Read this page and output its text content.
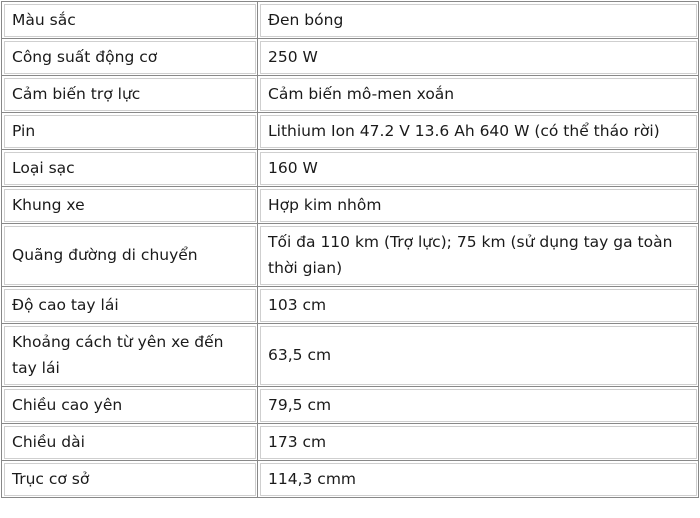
Màu sắc	Đen bóng
Công suất động cơ	250 W
Cảm biến trợ lực	Cảm biến mô-men xoắn
Pin	Lithium Ion 47.2 V 13.6 Ah 640 W (có thể tháo rời)
Loại sạc	160 W
Khung xe	Hợp kim nhôm
Quãng đường di chuyển	Tối đa 110 km (Trợ lực); 75 km (sử dụng tay ga toàn thời gian)
Độ cao tay lái	103 cm
Khoảng cách từ yên xe đến tay lái	63,5 cm
Chiều cao yên	79,5 cm
Chiều dài	173 cm
Trục cơ sở	114,3 cmm
